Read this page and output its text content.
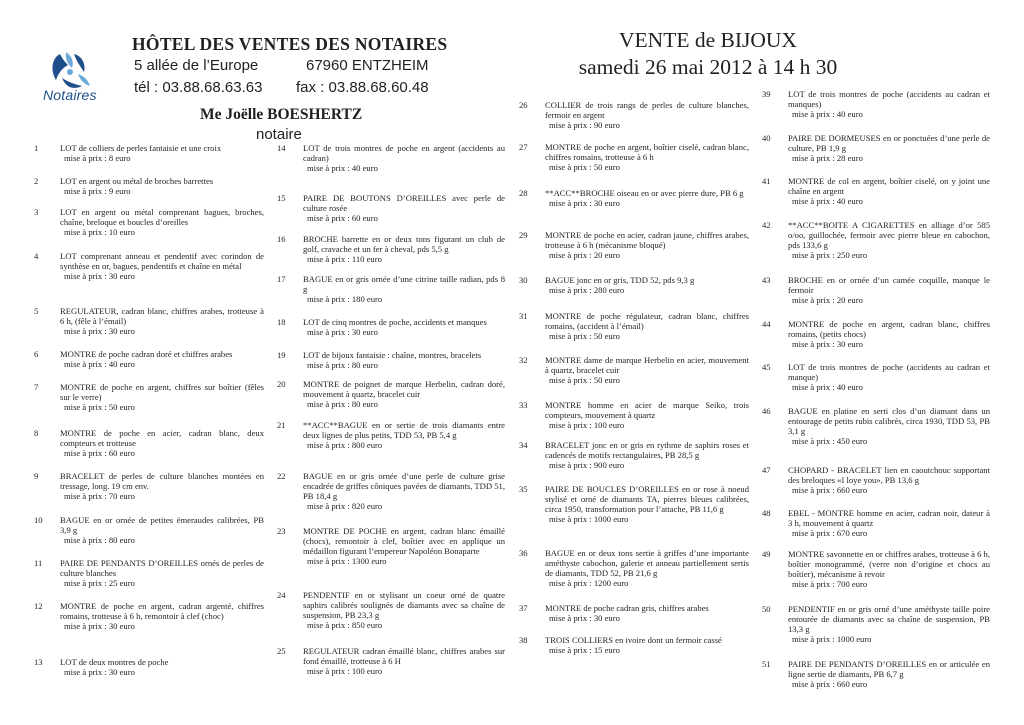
Notaires
HÔTEL DES VENTES DES NOTAIRES
5 allée de l’Europe	67960 ENTZHEIM
tél : 03.88.68.63.63 fax : 03.88.68.60.48
Me Joëlle BOESHERTZ
notaire
VENTE de BIJOUX
samedi 26 mai 2012 à 14 h 30
1	LOT de colliers de perles fantaisie et une croix
mise à prix : 8 euro
2	LOT en argent ou métal de broches barrettes
mise à prix : 9 euro
3	LOT en argent ou métal comprenant bagues, broches, chaîne, breloque et boucles d’oreilles
mise à prix : 10 euro
4	LOT comprenant anneau et pendentif avec corindon de synthèse en or, bagues, pendentifs et chaîne en métal
mise à prix : 30 euro
5	REGULATEUR, cadran blanc, chiffres arabes, trotteuse à 6 h, (fêle à l’émail)
mise à prix : 30 euro
6	MONTRE de poche cadran doré et chiffres arabes
mise à prix : 40 euro
7	MONTRE de poche en argent, chiffres sur boîtier (fêles sur le verre)
mise à prix : 50 euro
8	MONTRE de poche en acier, cadran blanc, deux compteurs et trotteuse
mise à prix : 60 euro
9	BRACELET de perles de culture blanches montées en tressage, long. 19 cm env.
mise à prix : 70 euro
10 BAGUE en or ornée de petites émeraudes calibrées, PB 3,9 g
mise à prix : 80 euro
11 PAIRE DE PENDANTS D’OREILLES ornés de perles de culture blanches
mise à prix : 25 euro
12 MONTRE de poche en argent, cadran argenté, chiffres romains, trotteuse à 6 h, remontoir à clef (choc)
mise à prix : 30 euro
13 LOT de deux montres de poche
mise à prix : 30 euro
14 LOT de trois montres de poche en argent (accidents au cadran)
mise à prix : 40 euro
15 PAIRE DE BOUTONS D’OREILLES avec perle de culture rosée
mise à prix : 60 euro
16 BROCHE barrette en or deux tons figurant un club de golf, cravache et un fer à cheval, pds 5,5 g
mise à prix : 110 euro
17 BAGUE en or gris ornée d’une citrine taille radian, pds 8 g
mise à prix : 180 euro
18 LOT de cinq montres de poche, accidents et manques
mise à prix : 30 euro
19 LOT de bijoux fantaisie : chaîne, montres, bracelets
mise à prix : 80 euro
20 MONTRE de poignet de marque Herbelin, cadran doré, mouvement à quartz, bracelet cuir
mise à prix : 80 euro
21 **ACC**BAGUE en or sertie de trois diamants entre deux lignes de plus petits, TDD 53, PB 5,4 g
mise à prix : 800 euro
22 BAGUE en or gris ornée d’une perle de culture grise encadrée de griffes côniques pavées de diamants, TDD 51, PB 18,4 g
mise à prix : 820 euro
23 MONTRE DE POCHE en argent, cadran blanc émaillé (chocs), remontoir à clef, boîtier avec en applique un médaillon figurant l’empereur Napoléon Bonaparte
mise à prix : 1300 euro
24 PENDENTIF en or stylisant un coeur orné de quatre saphirs calibrés soulignés de diamants avec sa chaîne de suspension, PB 23,3 g
mise à prix : 850 euro
25 REGULATEUR cadran émaillé blanc, chiffres arabes sur fond émaillé, trotteuse à 6 H
mise à prix : 100 euro
26 COLLIER de trois rangs de perles de culture blanches, fermoir en argent
mise à prix : 90 euro
27 MONTRE de poche en argent, boîtier ciselé, cadran blanc, chiffres romains, trotteuse à 6 h
mise à prix : 50 euro
28 **ACC**BROCHE oiseau en or avec pierre dure, PB 6 g
mise à prix : 30 euro
29 MONTRE de poche en acier, cadran jaune, chiffres arabes, trotteuse à 6 h (mécanisme bloqué)
mise à prix : 20 euro
30 BAGUE jonc en or gris, TDD 52, pds 9,3 g
mise à prix : 280 euro
31 MONTRE de poche régulateur, cadran blanc, chiffres romains, (accident à l’émail)
mise à prix : 50 euro
32 MONTRE dame de marque Herbelin en acier, mouvement à quartz, bracelet cuir
mise à prix : 50 euro
33 MONTRE homme en acier de marque Seiko, trois compteurs, mouvement à quartz
mise à prix : 100 euro
34 BRACELET jonc en or gris en rythme de saphirs roses et cadencés de motifs rectangulaires, PB 28,5 g
mise à prix : 900 euro
35 PAIRE DE BOUCLES D’OREILLES en or rose à noeud stylisé et orné de diamants TA, pierres bleues calibrées, circa 1950, transformation pour l’attache, PB 11,6 g
mise à prix : 1000 euro
36 BAGUE en or deux tons sertie à griffes d’une importante améthyste cabochon, galerie et anneau partiellement sertis de diamants, TDD 52, PB 21,6 g
mise à prix : 1200 euro
37 MONTRE de poche cadran gris, chiffres arabes
mise à prix : 30 euro
38 TROIS COLLIERS en ivoire dont un fermoir cassé
mise à prix : 15 euro
39 LOT de trois montres de poche (accidents au cadran et manques)
mise à prix : 40 euro
40 PAIRE DE DORMEUSES en or ponctuées d’une perle de culture, PB 1,9 g
mise à prix : 28 euro
41 MONTRE de col en argent, boîtier ciselé, on y joint une chaîne en argent
mise à prix : 40 euro
42 **ACC**BOITE A CIGARETTES en alliage d’or 585 o/oo, guillochée, fermoir avec pierre bleue en cabochon, pds 133,6 g
mise à prix : 250 euro
43 BROCHE en or ornée d’un camée coquille, manque le fermoir
mise à prix : 20 euro
44 MONTRE de poche en argent, cadran blanc, chiffres romains, (petits chocs)
mise à prix : 30 euro
45 LOT de trois montres de poche (accidents au cadran et manque)
mise à prix : 40 euro
46 BAGUE en platine en serti clos d’un diamant dans un entourage de petits rubis calibrés, circa 1930, TDD 53, PB 3,1 g
mise à prix : 450 euro
47 CHOPARD - BRACELET lien en caoutchouc supportant des breloques «I loye you», PB 13,6 g
mise à prix : 660 euro
48 EBEL - MONTRE homme en acier, cadran noir, dateur à 3 h, mouvement à quartz
mise à prix : 670 euro
49 MONTRE savonnette en or chiffres arabes, trotteuse à 6 h, boîtier monogrammé, (verre non d’origine et chocs au boîtier), mécanisme à revoir
mise à prix : 700 euro
50 PENDENTIF en or gris orné d’une améthyste taille poire entourée de diamants avec sa chaîne de suspension, PB 13,3 g
mise à prix : 1000 euro
51 PAIRE DE PENDANTS D’OREILLES en or articulée en ligne sertie de diamants, PB 6,7 g
mise à prix : 660 euro
